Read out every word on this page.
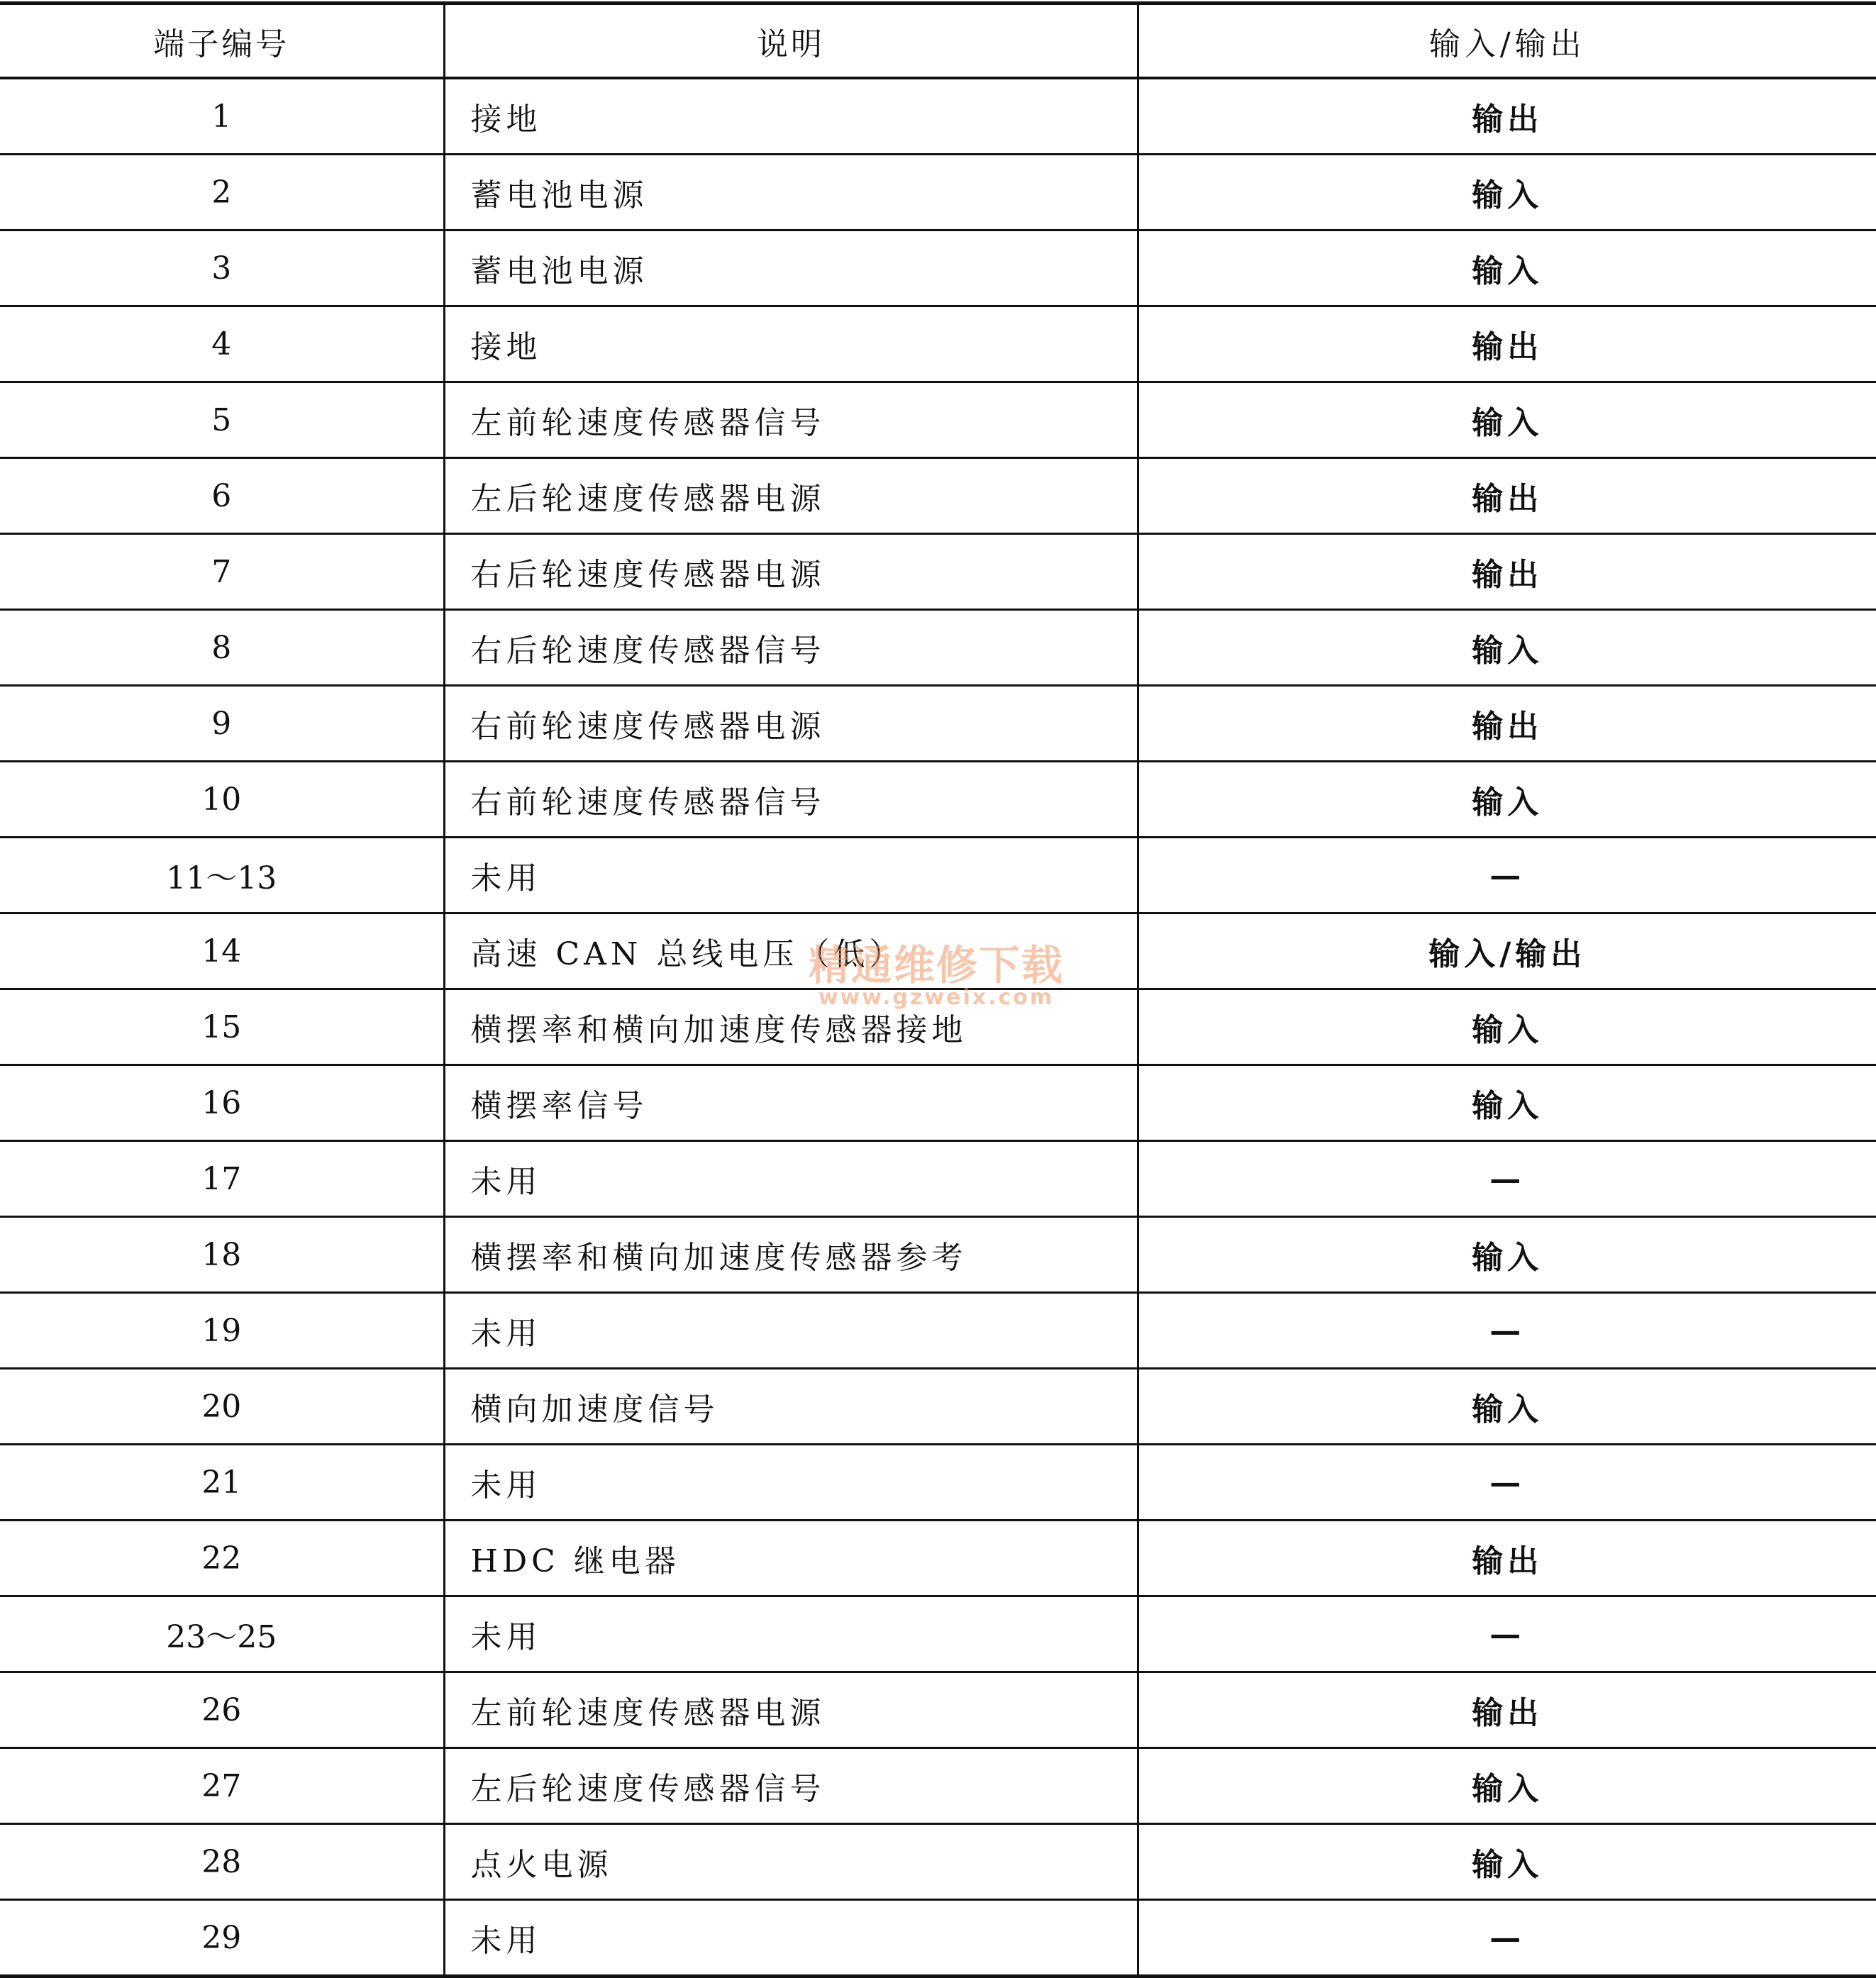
端子编号	说明	输入/输出
1	接地	输出
2	蓄电池电源	输入
3	蓄电池电源	输入
4	接地	输出
5	左前轮速度传感器信号	输入
6	左后轮速度传感器电源	输出
7	右后轮速度传感器电源	输出
8	右后轮速度传感器信号	输入
9	右前轮速度传感器电源	输出
10	右前轮速度传感器信号	输入
11～13	未用	—
14	高速 CAN 总线电压（低）	输入/输出
15	横摆率和横向加速度传感器接地	输入
16	横摆率信号	输入
17	未用	—
18	横摆率和横向加速度传感器参考	输入
19	未用	—
20	横向加速度信号	输入
21	未用	—
22	HDC 继电器	输出
23～25	未用	—
26	左前轮速度传感器电源	输出
27	左后轮速度传感器信号	输入
28	点火电源	输入
29	未用	—
精通维修下载
www.gzweix.com
